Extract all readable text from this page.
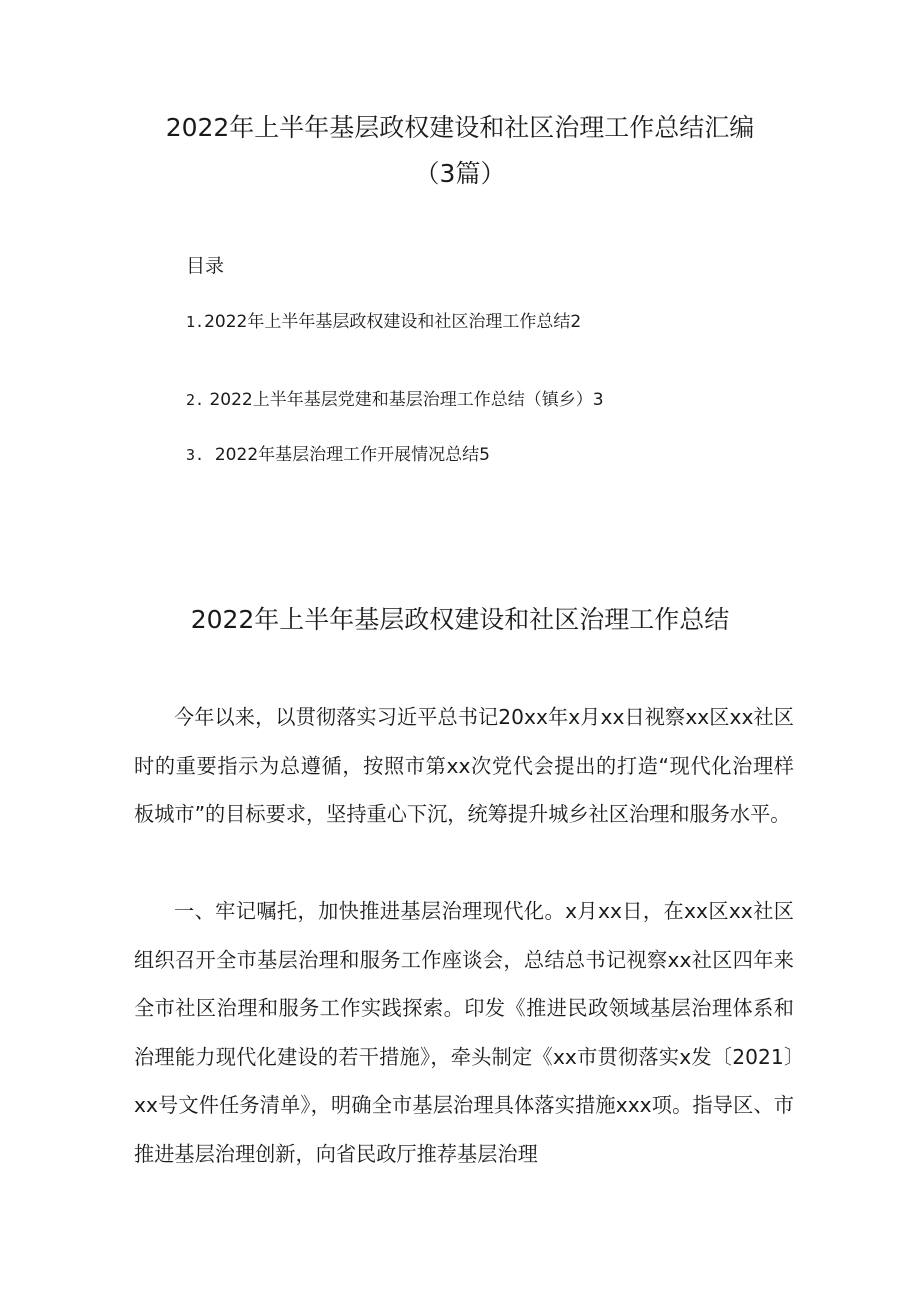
2022年上半年基层政权建设和社区治理工作总结汇编
（3篇）

目录

1.2022年上半年基层政权建设和社区治理工作总结2

2. 2022上半年基层党建和基层治理工作总结（镇乡）3

3.  2022年基层治理工作开展情况总结5

2022年上半年基层政权建设和社区治理工作总结

今年以来，以贯彻落实习近平总书记20xx年x月xx日视察xx区xx社区时的重要指示为总遵循，按照市第xx次党代会提出的打造“现代化治理样板城市”的目标要求，坚持重心下沉，统筹提升城乡社区治理和服务水平。

一、牢记嘱托，加快推进基层治理现代化。x月xx日，在xx区xx社区组织召开全市基层治理和服务工作座谈会，总结总书记视察xx社区四年来全市社区治理和服务工作实践探索。印发《推进民政领域基层治理体系和治理能力现代化建设的若干措施》，牵头制定《xx市贯彻落实x发〔2021〕xx号文件任务清单》，明确全市基层治理具体落实措施xxx项。指导区、市推进基层治理创新，向省民政厅推荐基层治理
